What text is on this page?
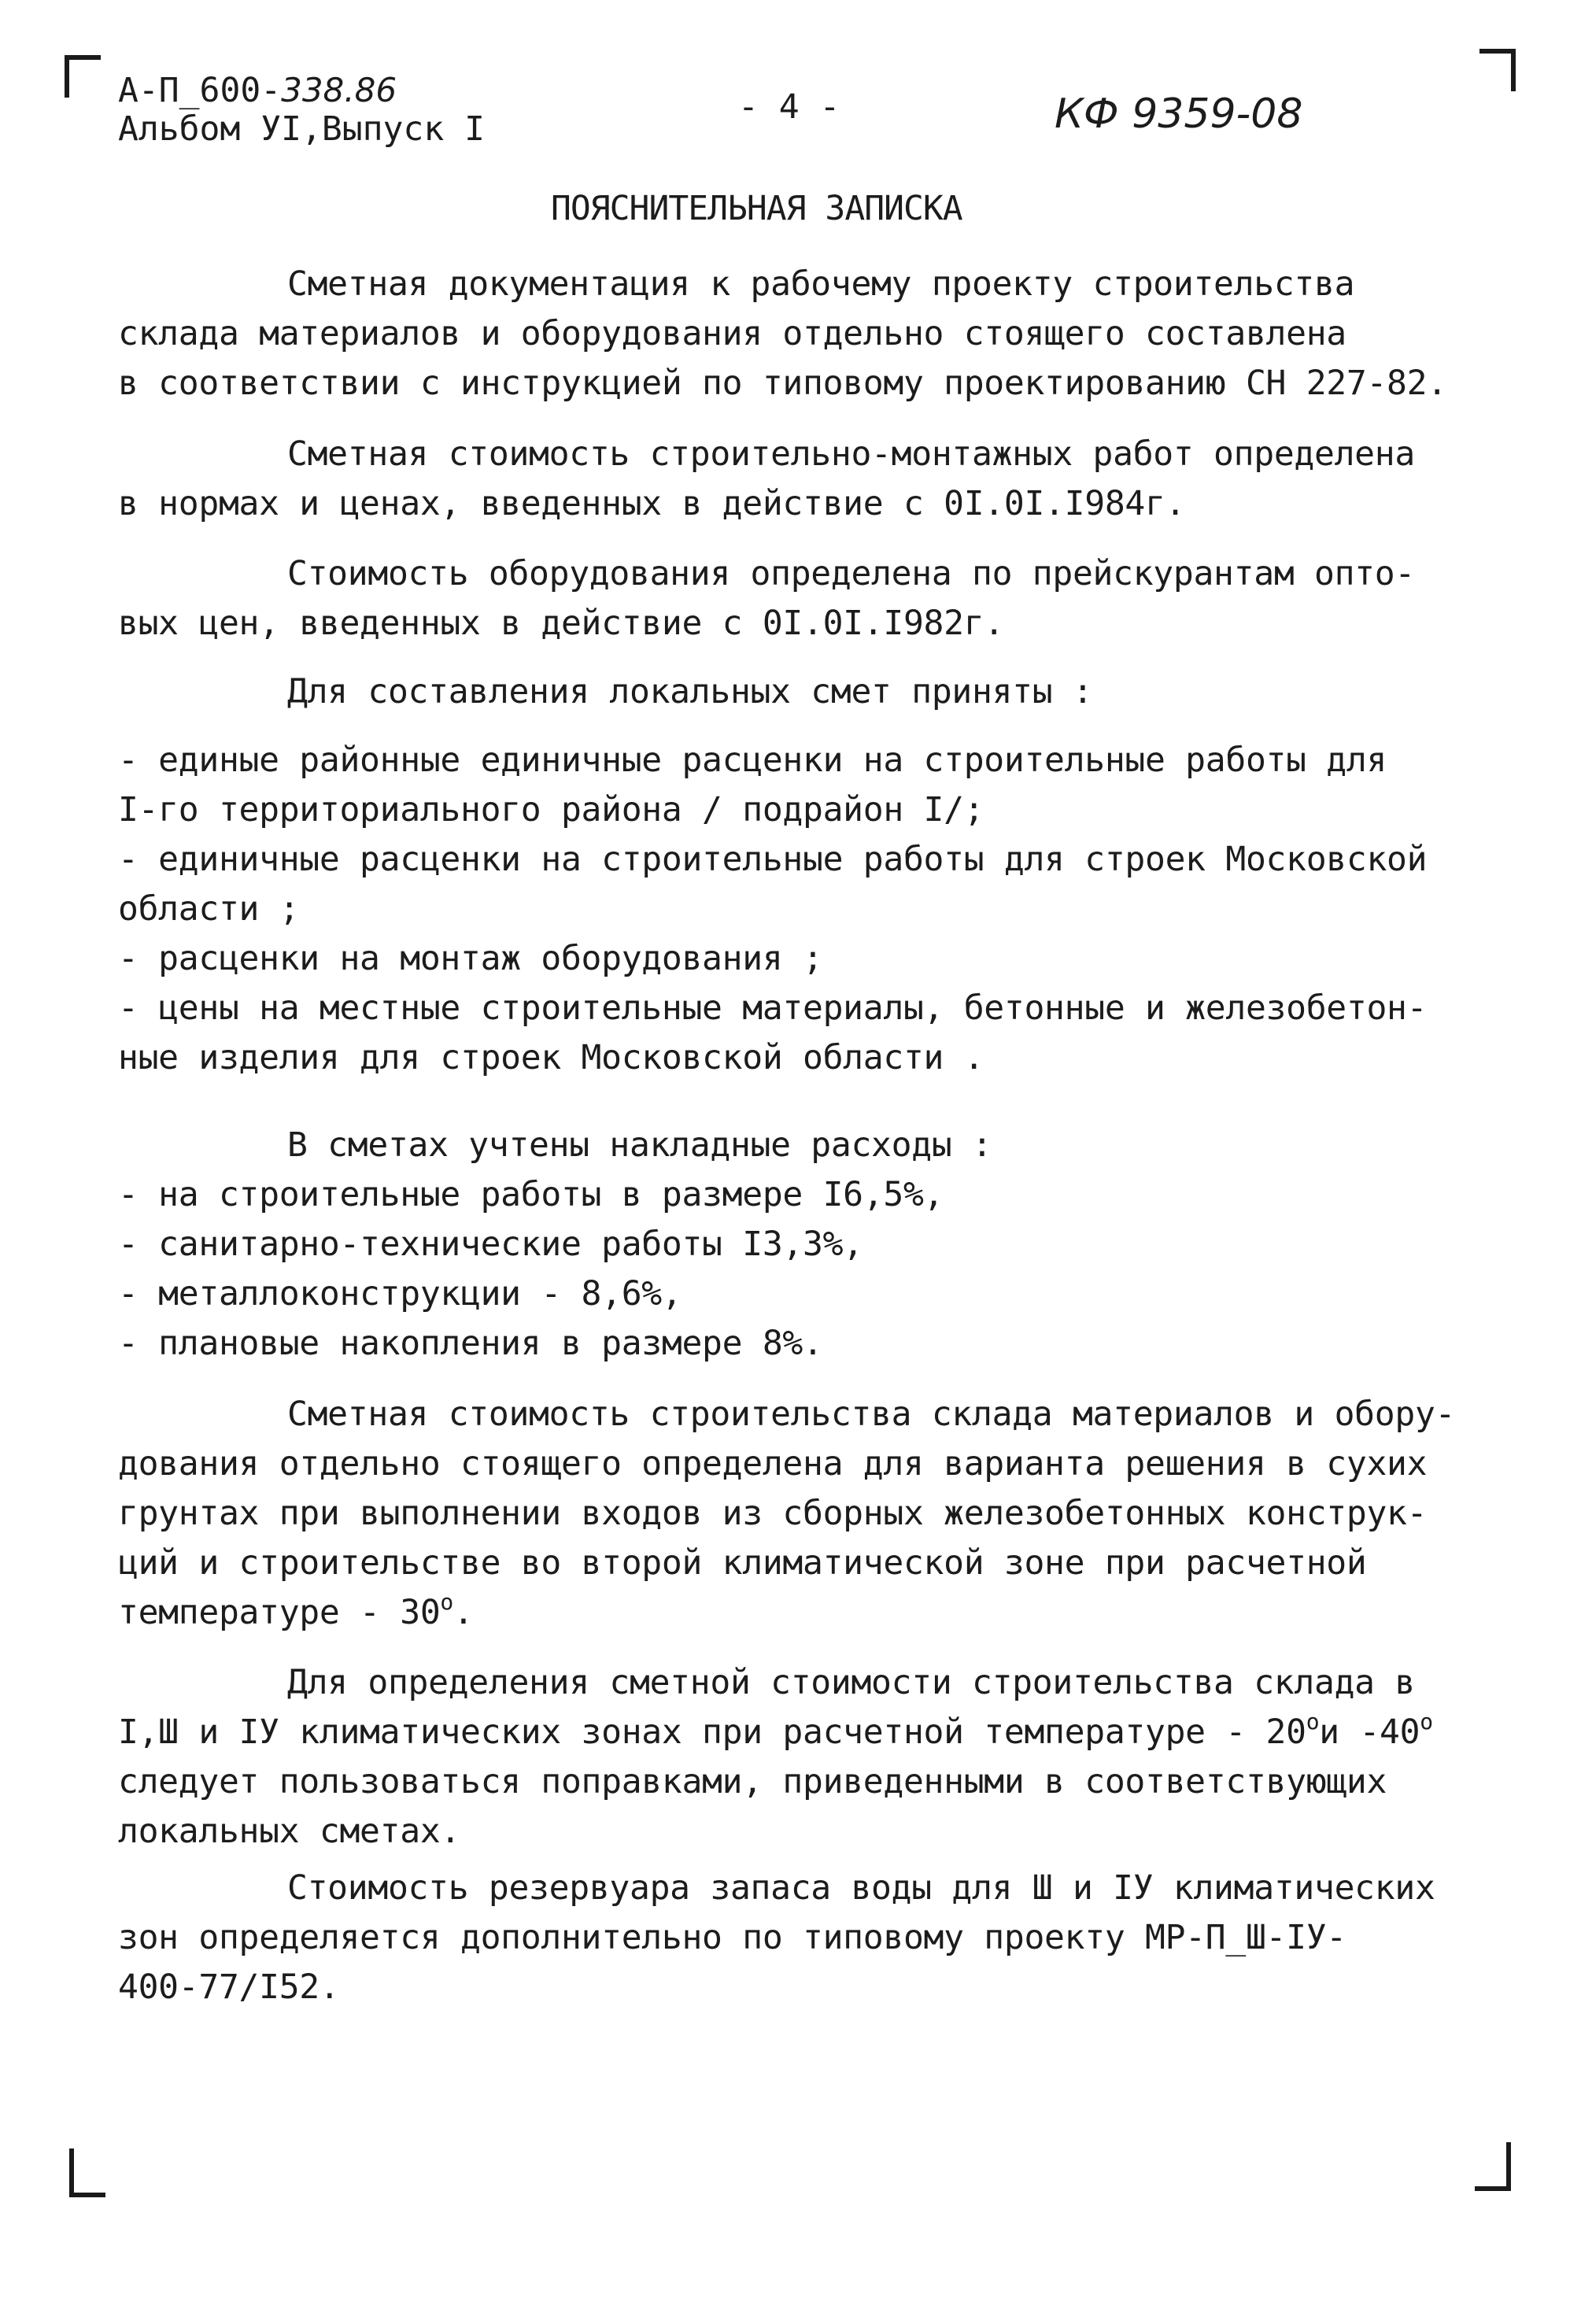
А-П_600-338.86
Альбом УI,Выпуск I
- 4 -	КФ 9359-08
ПОЯСНИТЕЛЬНАЯ ЗАПИСКА
Сметная документация к рабочему проекту строительства
склада материалов и оборудования отдельно стоящего составлена
в соответствии с инструкцией по типовому проектированию СН 227-82.
Сметная стоимость строительно-монтажных работ определена
в нормах и ценах, введенных в действие с 0I.0I.I984г.
Стоимость оборудования определена по прейскурантам опто-
вых цен, введенных в действие с 0I.0I.I982г.
Для составления локальных смет приняты :
- единые районные единичные расценки на строительные работы для
I-го территориального района / подрайон I/;
- единичные расценки на строительные работы для строек Московской
области ;
- расценки на монтаж оборудования ;
- цены на местные строительные материалы, бетонные и железобетон-
ные изделия для строек Московской области .
В сметах учтены накладные расходы :
- на строительные работы в размере I6,5%,
- санитарно-технические работы I3,3%,
- металлоконструкции - 8,6%,
- плановые накопления в размере 8%.
Сметная стоимость строительства склада материалов и обору-
дования отдельно стоящего определена для варианта решения в сухих
грунтах при выполнении входов из сборных железобетонных конструк-
ций и строительстве во второй климатической зоне при расчетной
температуре - $30^о$.
Для определения сметной стоимости строительства склада в
I,Ш и IУ климатических зонах при расчетной температуре - $20^ои$ $-40^о$
следует пользоваться поправками, приведенными в соответствующих
локальных сметах.
Стоимость резервуара запаса воды для Ш и IУ климатических
зон определяется дополнительно по типовому проекту МР-П_Ш-IУ-
400-77/I52.
